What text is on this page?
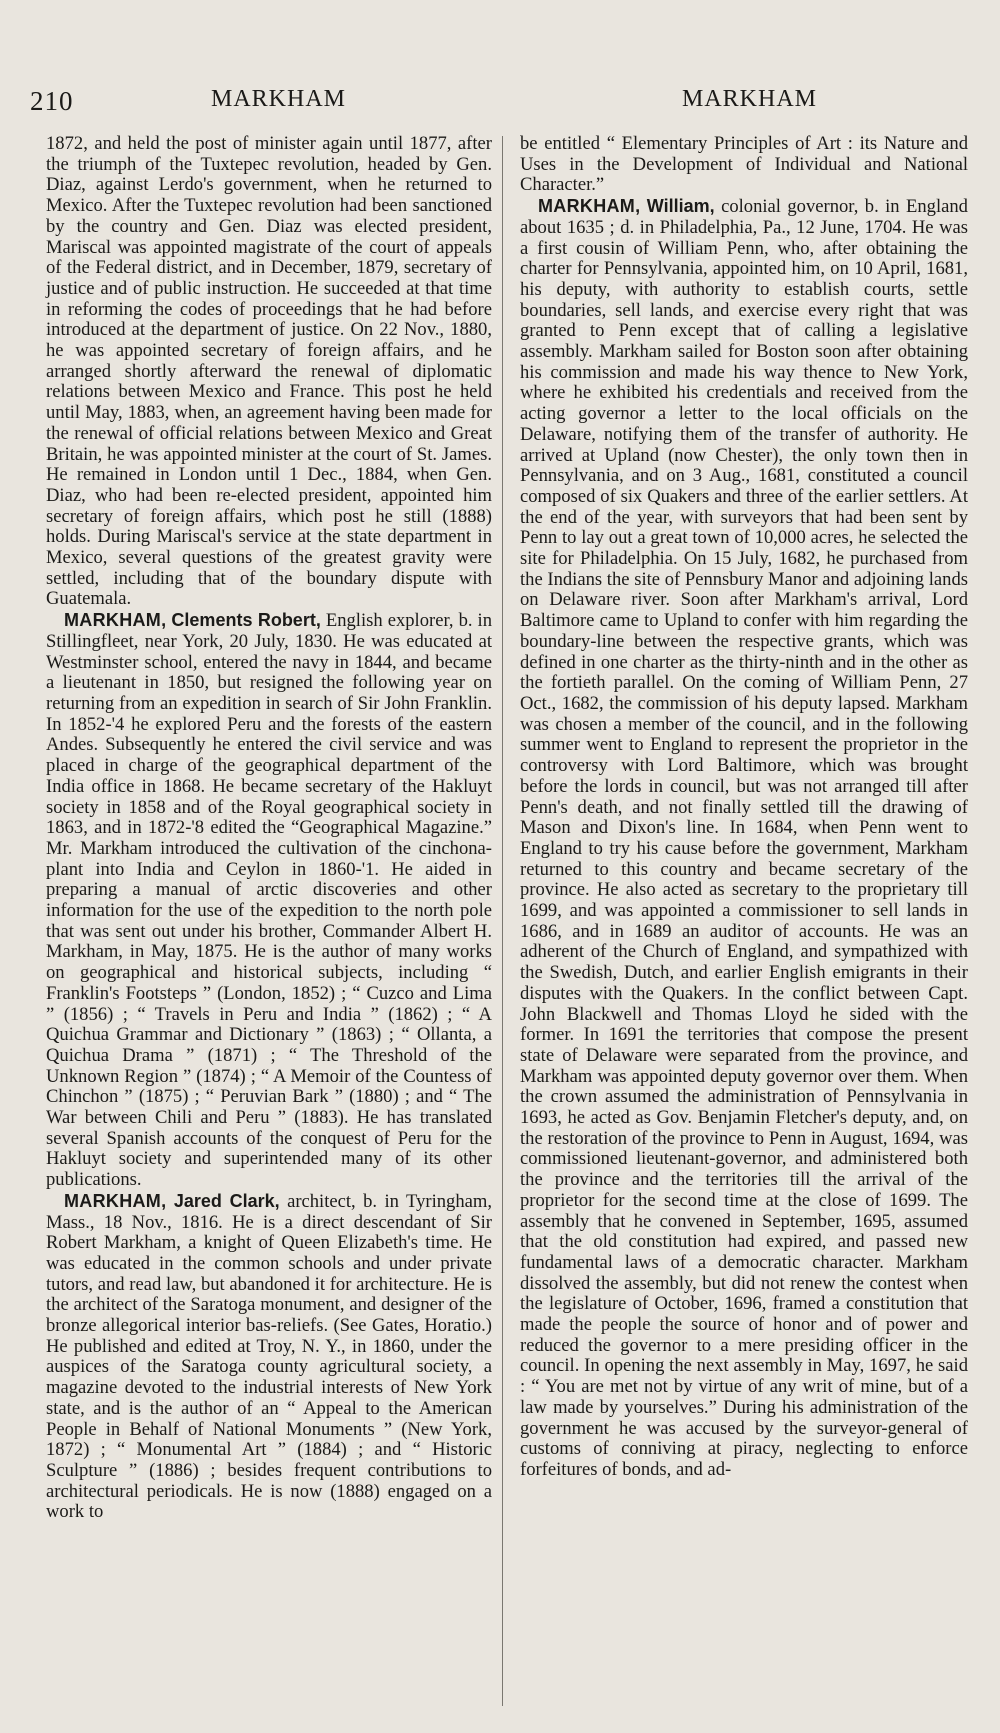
210	MARKHAM	MARKHAM

1872, and held the post of minister again until 1877, after the triumph of the Tuxtepec revolution, headed by Gen. Diaz, against Lerdo's government, when he returned to Mexico. After the Tuxtepec revolution had been sanctioned by the country and Gen. Diaz was elected president, Mariscal was appointed magistrate of the court of appeals of the Federal district, and in December, 1879, secretary of justice and of public instruction. He succeeded at that time in reforming the codes of proceedings that he had before introduced at the department of justice. On 22 Nov., 1880, he was appointed secretary of foreign affairs, and he arranged shortly afterward the renewal of diplomatic relations between Mexico and France. This post he held until May, 1883, when, an agreement having been made for the renewal of official relations between Mexico and Great Britain, he was appointed minister at the court of St. James. He remained in London until 1 Dec., 1884, when Gen. Diaz, who had been re-elected president, appointed him secretary of foreign affairs, which post he still (1888) holds. During Mariscal's service at the state department in Mexico, several questions of the greatest gravity were settled, including that of the boundary dispute with Guatemala.

MARKHAM, Clements Robert, English explorer, b. in Stillingfleet, near York, 20 July, 1830. He was educated at Westminster school, entered the navy in 1844, and became a lieutenant in 1850, but resigned the following year on returning from an expedition in search of Sir John Franklin. In 1852-'4 he explored Peru and the forests of the eastern Andes. Subsequently he entered the civil service and was placed in charge of the geographical department of the India office in 1868. He became secretary of the Hakluyt society in 1858 and of the Royal geographical society in 1863, and in 1872-'8 edited the “Geographical Magazine.” Mr. Markham introduced the cultivation of the cinchona-plant into India and Ceylon in 1860-'1. He aided in preparing a manual of arctic discoveries and other information for the use of the expedition to the north pole that was sent out under his brother, Commander Albert H. Markham, in May, 1875. He is the author of many works on geographical and historical subjects, including “ Franklin's Footsteps ” (London, 1852) ; “ Cuzco and Lima ” (1856) ; “ Travels in Peru and India ” (1862) ; “ A Quichua Grammar and Dictionary ” (1863) ; “ Ollanta, a Quichua Drama ” (1871) ; “ The Threshold of the Unknown Region ” (1874) ; “ A Memoir of the Countess of Chinchon ” (1875) ; “ Peruvian Bark ” (1880) ; and “ The War between Chili and Peru ” (1883). He has translated several Spanish accounts of the conquest of Peru for the Hakluyt society and superintended many of its other publications.

MARKHAM, Jared Clark, architect, b. in Tyringham, Mass., 18 Nov., 1816. He is a direct descendant of Sir Robert Markham, a knight of Queen Elizabeth's time. He was educated in the common schools and under private tutors, and read law, but abandoned it for architecture. He is the architect of the Saratoga monument, and designer of the bronze allegorical interior bas-reliefs. (See Gates, Horatio.) He published and edited at Troy, N. Y., in 1860, under the auspices of the Saratoga county agricultural society, a magazine devoted to the industrial interests of New York state, and is the author of an “ Appeal to the American People in Behalf of National Monuments ” (New York, 1872) ; “ Monumental Art ” (1884) ; and “ Historic Sculpture ” (1886) ; besides frequent contributions to architectural periodicals. He is now (1888) engaged on a work to

be entitled “ Elementary Principles of Art : its Nature and Uses in the Development of Individual and National Character.”

MARKHAM, William, colonial governor, b. in England about 1635 ; d. in Philadelphia, Pa., 12 June, 1704. He was a first cousin of William Penn, who, after obtaining the charter for Pennsylvania, appointed him, on 10 April, 1681, his deputy, with authority to establish courts, settle boundaries, sell lands, and exercise every right that was granted to Penn except that of calling a legislative assembly. Markham sailed for Boston soon after obtaining his commission and made his way thence to New York, where he exhibited his credentials and received from the acting governor a letter to the local officials on the Delaware, notifying them of the transfer of authority. He arrived at Upland (now Chester), the only town then in Pennsylvania, and on 3 Aug., 1681, constituted a council composed of six Quakers and three of the earlier settlers. At the end of the year, with surveyors that had been sent by Penn to lay out a great town of 10,000 acres, he selected the site for Philadelphia. On 15 July, 1682, he purchased from the Indians the site of Pennsbury Manor and adjoining lands on Delaware river. Soon after Markham's arrival, Lord Baltimore came to Upland to confer with him regarding the boundary-line between the respective grants, which was defined in one charter as the thirty-ninth and in the other as the fortieth parallel. On the coming of William Penn, 27 Oct., 1682, the commission of his deputy lapsed. Markham was chosen a member of the council, and in the following summer went to England to represent the proprietor in the controversy with Lord Baltimore, which was brought before the lords in council, but was not arranged till after Penn's death, and not finally settled till the drawing of Mason and Dixon's line. In 1684, when Penn went to England to try his cause before the government, Markham returned to this country and became secretary of the province. He also acted as secretary to the proprietary till 1699, and was appointed a commissioner to sell lands in 1686, and in 1689 an auditor of accounts. He was an adherent of the Church of England, and sympathized with the Swedish, Dutch, and earlier English emigrants in their disputes with the Quakers. In the conflict between Capt. John Blackwell and Thomas Lloyd he sided with the former. In 1691 the territories that compose the present state of Delaware were separated from the province, and Markham was appointed deputy governor over them. When the crown assumed the administration of Pennsylvania in 1693, he acted as Gov. Benjamin Fletcher's deputy, and, on the restoration of the province to Penn in August, 1694, was commissioned lieutenant-governor, and administered both the province and the territories till the arrival of the proprietor for the second time at the close of 1699. The assembly that he convened in September, 1695, assumed that the old constitution had expired, and passed new fundamental laws of a democratic character. Markham dissolved the assembly, but did not renew the contest when the legislature of October, 1696, framed a constitution that made the people the source of honor and of power and reduced the governor to a mere presiding officer in the council. In opening the next assembly in May, 1697, he said : “ You are met not by virtue of any writ of mine, but of a law made by yourselves.” During his administration of the government he was accused by the surveyor-general of customs of conniving at piracy, neglecting to enforce forfeitures of bonds, and ad-
